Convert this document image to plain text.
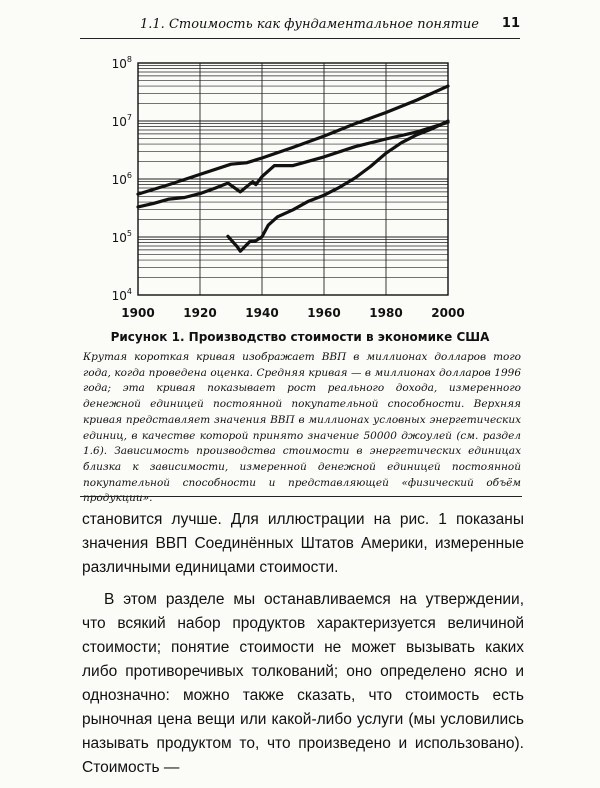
1.1. Стоимость как фундаментальное понятие 11
1900 1920 1940 1960 1980 2000
$10^4$
$10^5$
$10^6$
$10^7$
$10^8$
Рисунок 1. Производство стоимости в экономике США
Крутая короткая кривая изображает ВВП в миллионах долларов того года, когда проведена оценка. Средняя кривая — в миллионах долларов 1996 года; эта кривая показывает рост реального дохода, измеренного денежной единицей постоянной покупательной способности. Верхняя кривая представляет значения ВВП в миллионах условных энергетических единиц, в качестве которой принято значение 50000 джоулей (см. раздел 1.6). Зависимость производства стоимости в энергетических единицах близка к зависимости, измеренной денежной единицей постоянной покупательной способности и представляющей «физический объём продукции».

становится лучше. Для иллюстрации на рис. 1 показаны значения ВВП Соединённых Штатов Америки, измеренные различными единицами стоимости.

В этом разделе мы останавливаемся на утверждении, что всякий набор продуктов характеризуется величиной стоимости; понятие стоимости не может вызывать каких либо противоречивых толкований; оно определено ясно и однозначно: можно также сказать, что стоимость есть рыночная цена вещи или какой-либо услуги (мы условились называть продуктом то, что произведено и использовано). Стоимость —
